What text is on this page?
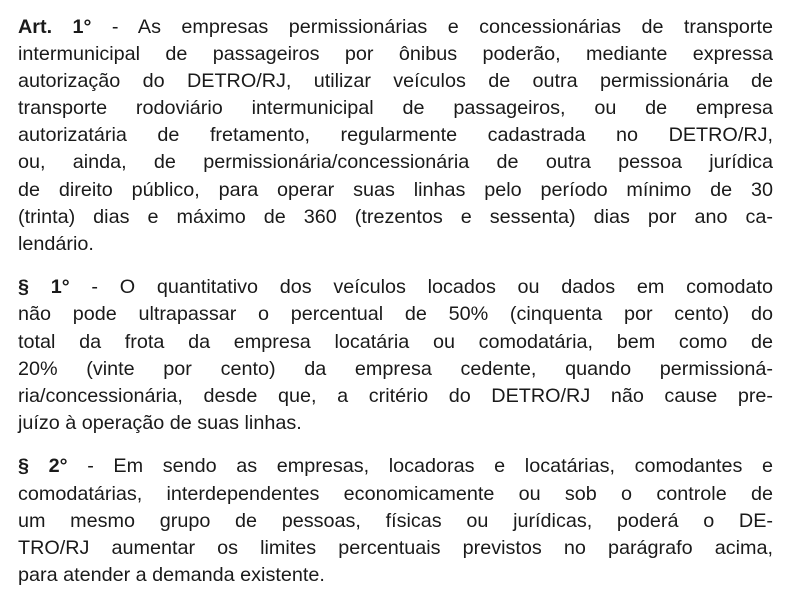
Art. 1° - As empresas permissionárias e concessionárias de transporte
intermunicipal de passageiros por ônibus poderão, mediante expressa
autorização do DETRO/RJ, utilizar veículos de outra permissionária de
transporte rodoviário intermunicipal de passageiros, ou de empresa
autorizatária de fretamento, regularmente cadastrada no DETRO/RJ,
ou, ainda, de permissionária/concessionária de outra pessoa jurídica
de direito público, para operar suas linhas pelo período mínimo de 30
(trinta) dias e máximo de 360 (trezentos e sessenta) dias por ano ca-
lendário.
§ 1° - O quantitativo dos veículos locados ou dados em comodato
não pode ultrapassar o percentual de 50% (cinquenta por cento) do
total da frota da empresa locatária ou comodatária, bem como de
20% (vinte por cento) da empresa cedente, quando permissioná-
ria/concessionária, desde que, a critério do DETRO/RJ não cause pre-
juízo à operação de suas linhas.
§ 2° - Em sendo as empresas, locadoras e locatárias, comodantes e
comodatárias, interdependentes economicamente ou sob o controle de
um mesmo grupo de pessoas, físicas ou jurídicas, poderá o DE-
TRO/RJ aumentar os limites percentuais previstos no parágrafo acima,
para atender a demanda existente.
